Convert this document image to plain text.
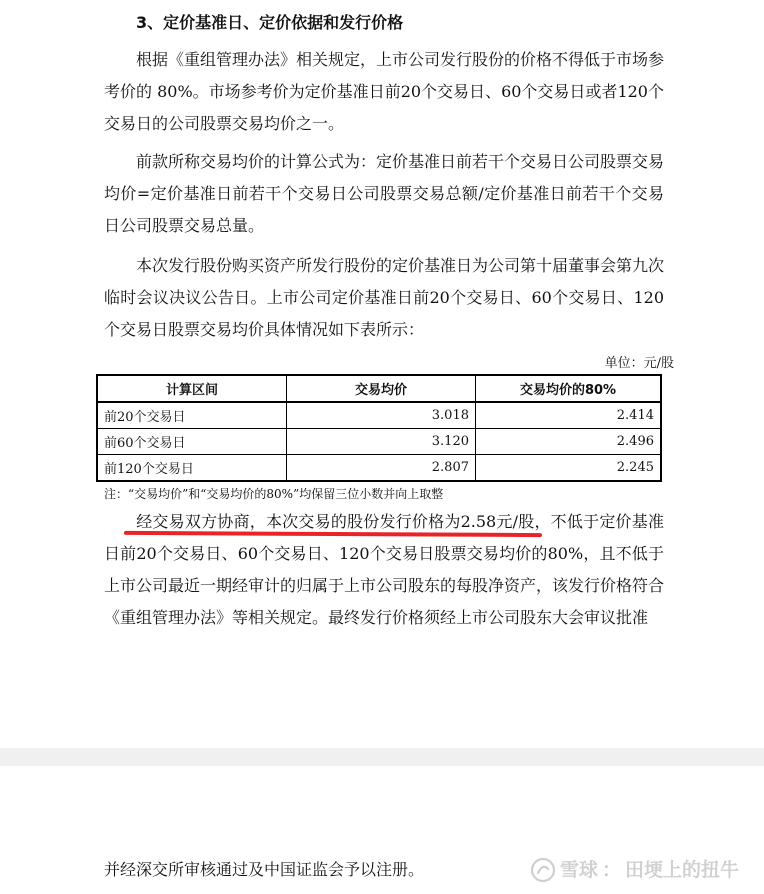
3、定价基准日、定价依据和发行价格

根据《重组管理办法》相关规定，上市公司发行股份的价格不得低于市场参考价的 80%。市场参考价为定价基准日前20个交易日、60个交易日或者120个交易日的公司股票交易均价之一。

前款所称交易均价的计算公式为：定价基准日前若干个交易日公司股票交易均价=定价基准日前若干个交易日公司股票交易总额/定价基准日前若干个交易日公司股票交易总量。

本次发行股份购买资产所发行股份的定价基准日为公司第十届董事会第九次临时会议决议公告日。上市公司定价基准日前20个交易日、60个交易日、120个交易日股票交易均价具体情况如下表所示：

单位：元/股
计算区间	交易均价	交易均价的80%
前20个交易日	3.018	2.414
前60个交易日	3.120	2.496
前120个交易日	2.807	2.245
注：“交易均价”和“交易均价的80%”均保留三位小数并向上取整

经交易双方协商，本次交易的股份发行价格为2.58元/股，不低于定价基准日前20个交易日、60个交易日、120个交易日股票交易均价的80%，且不低于上市公司最近一期经审计的归属于上市公司股东的每股净资产，该发行价格符合《重组管理办法》等相关规定。最终发行价格须经上市公司股东大会审议批准

并经深交所审核通过及中国证监会予以注册。	雪球 ： 田埂上的扭牛
